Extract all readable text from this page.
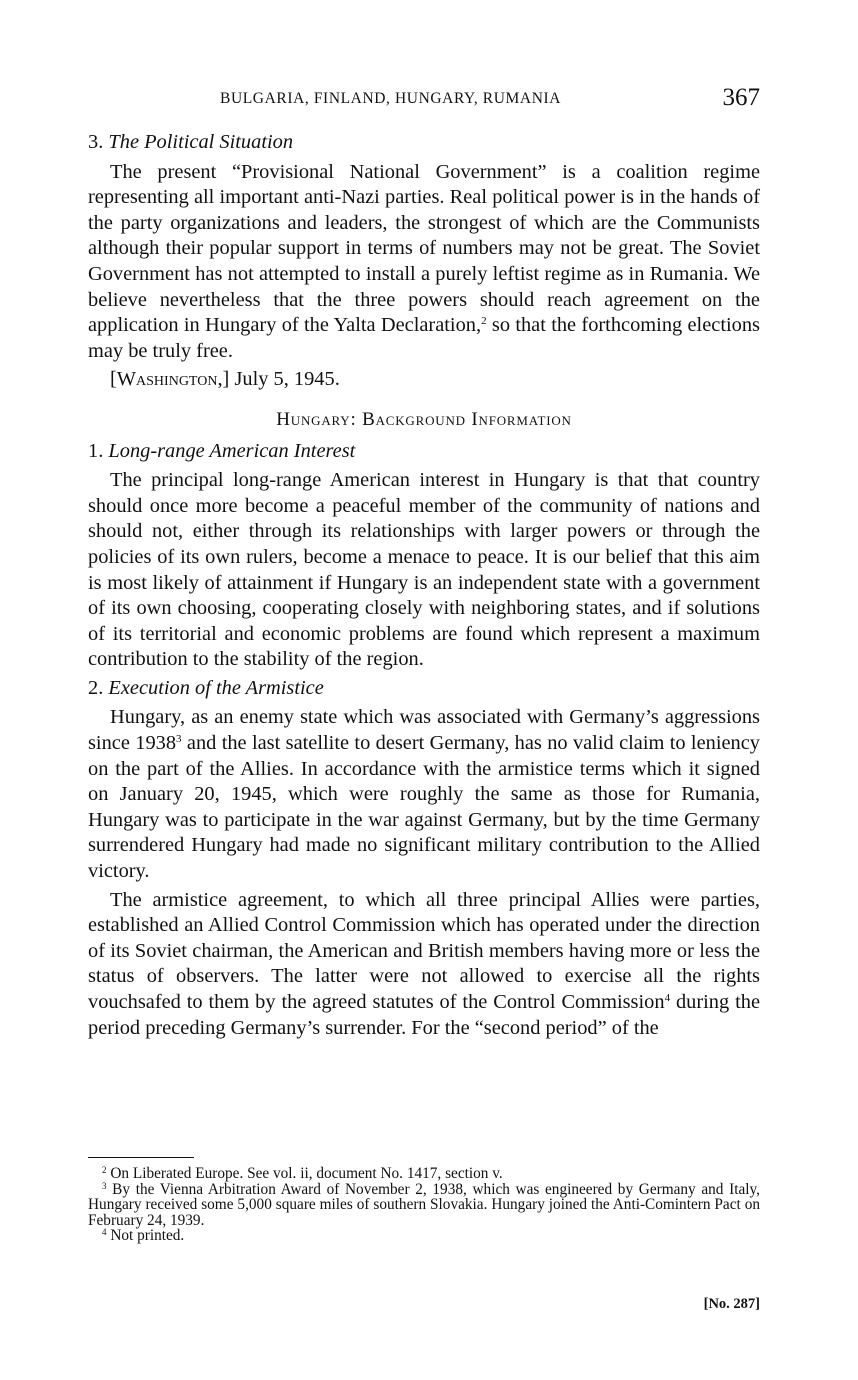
BULGARIA, FINLAND, HUNGARY, RUMANIA	367
3. The Political Situation

The present “Provisional National Government” is a coalition regime representing all important anti-Nazi parties. Real political power is in the hands of the party organizations and leaders, the strongest of which are the Communists although their popular support in terms of numbers may not be great. The Soviet Government has not attempted to install a purely leftist regime as in Rumania. We believe nevertheless that the three powers should reach agreement on the application in Hungary of the Yalta Declaration,$^2$ so that the forthcoming elections may be truly free.

[Washington,] July 5, 1945.
Hungary: Background Information
1. Long-range American Interest

The principal long-range American interest in Hungary is that that country should once more become a peaceful member of the community of nations and should not, either through its relationships with larger powers or through the policies of its own rulers, become a menace to peace. It is our belief that this aim is most likely of attainment if Hungary is an independent state with a government of its own choosing, cooperating closely with neighboring states, and if solutions of its territorial and economic problems are found which represent a maximum contribution to the stability of the region.

2. Execution of the Armistice

Hungary, as an enemy state which was associated with Germany’s aggressions since 1938$^3$ and the last satellite to desert Germany, has no valid claim to leniency on the part of the Allies. In accordance with the armistice terms which it signed on January 20, 1945, which were roughly the same as those for Rumania, Hungary was to participate in the war against Germany, but by the time Germany surrendered Hungary had made no significant military contribution to the Allied victory.

The armistice agreement, to which all three principal Allies were parties, established an Allied Control Commission which has operated under the direction of its Soviet chairman, the American and British members having more or less the status of observers. The latter were not allowed to exercise all the rights vouchsafed to them by the agreed statutes of the Control Commission$^4$ during the period preceding Germany’s surrender. For the “second period” of the

$^2$ On Liberated Europe. See vol. ii, document No. 1417, section v.

$^3$ By the Vienna Arbitration Award of November 2, 1938, which was engineered by Germany and Italy, Hungary received some 5,000 square miles of southern Slovakia. Hungary joined the Anti-Comintern Pact on February 24, 1939.

$^4$ Not printed.

[No. 287]
